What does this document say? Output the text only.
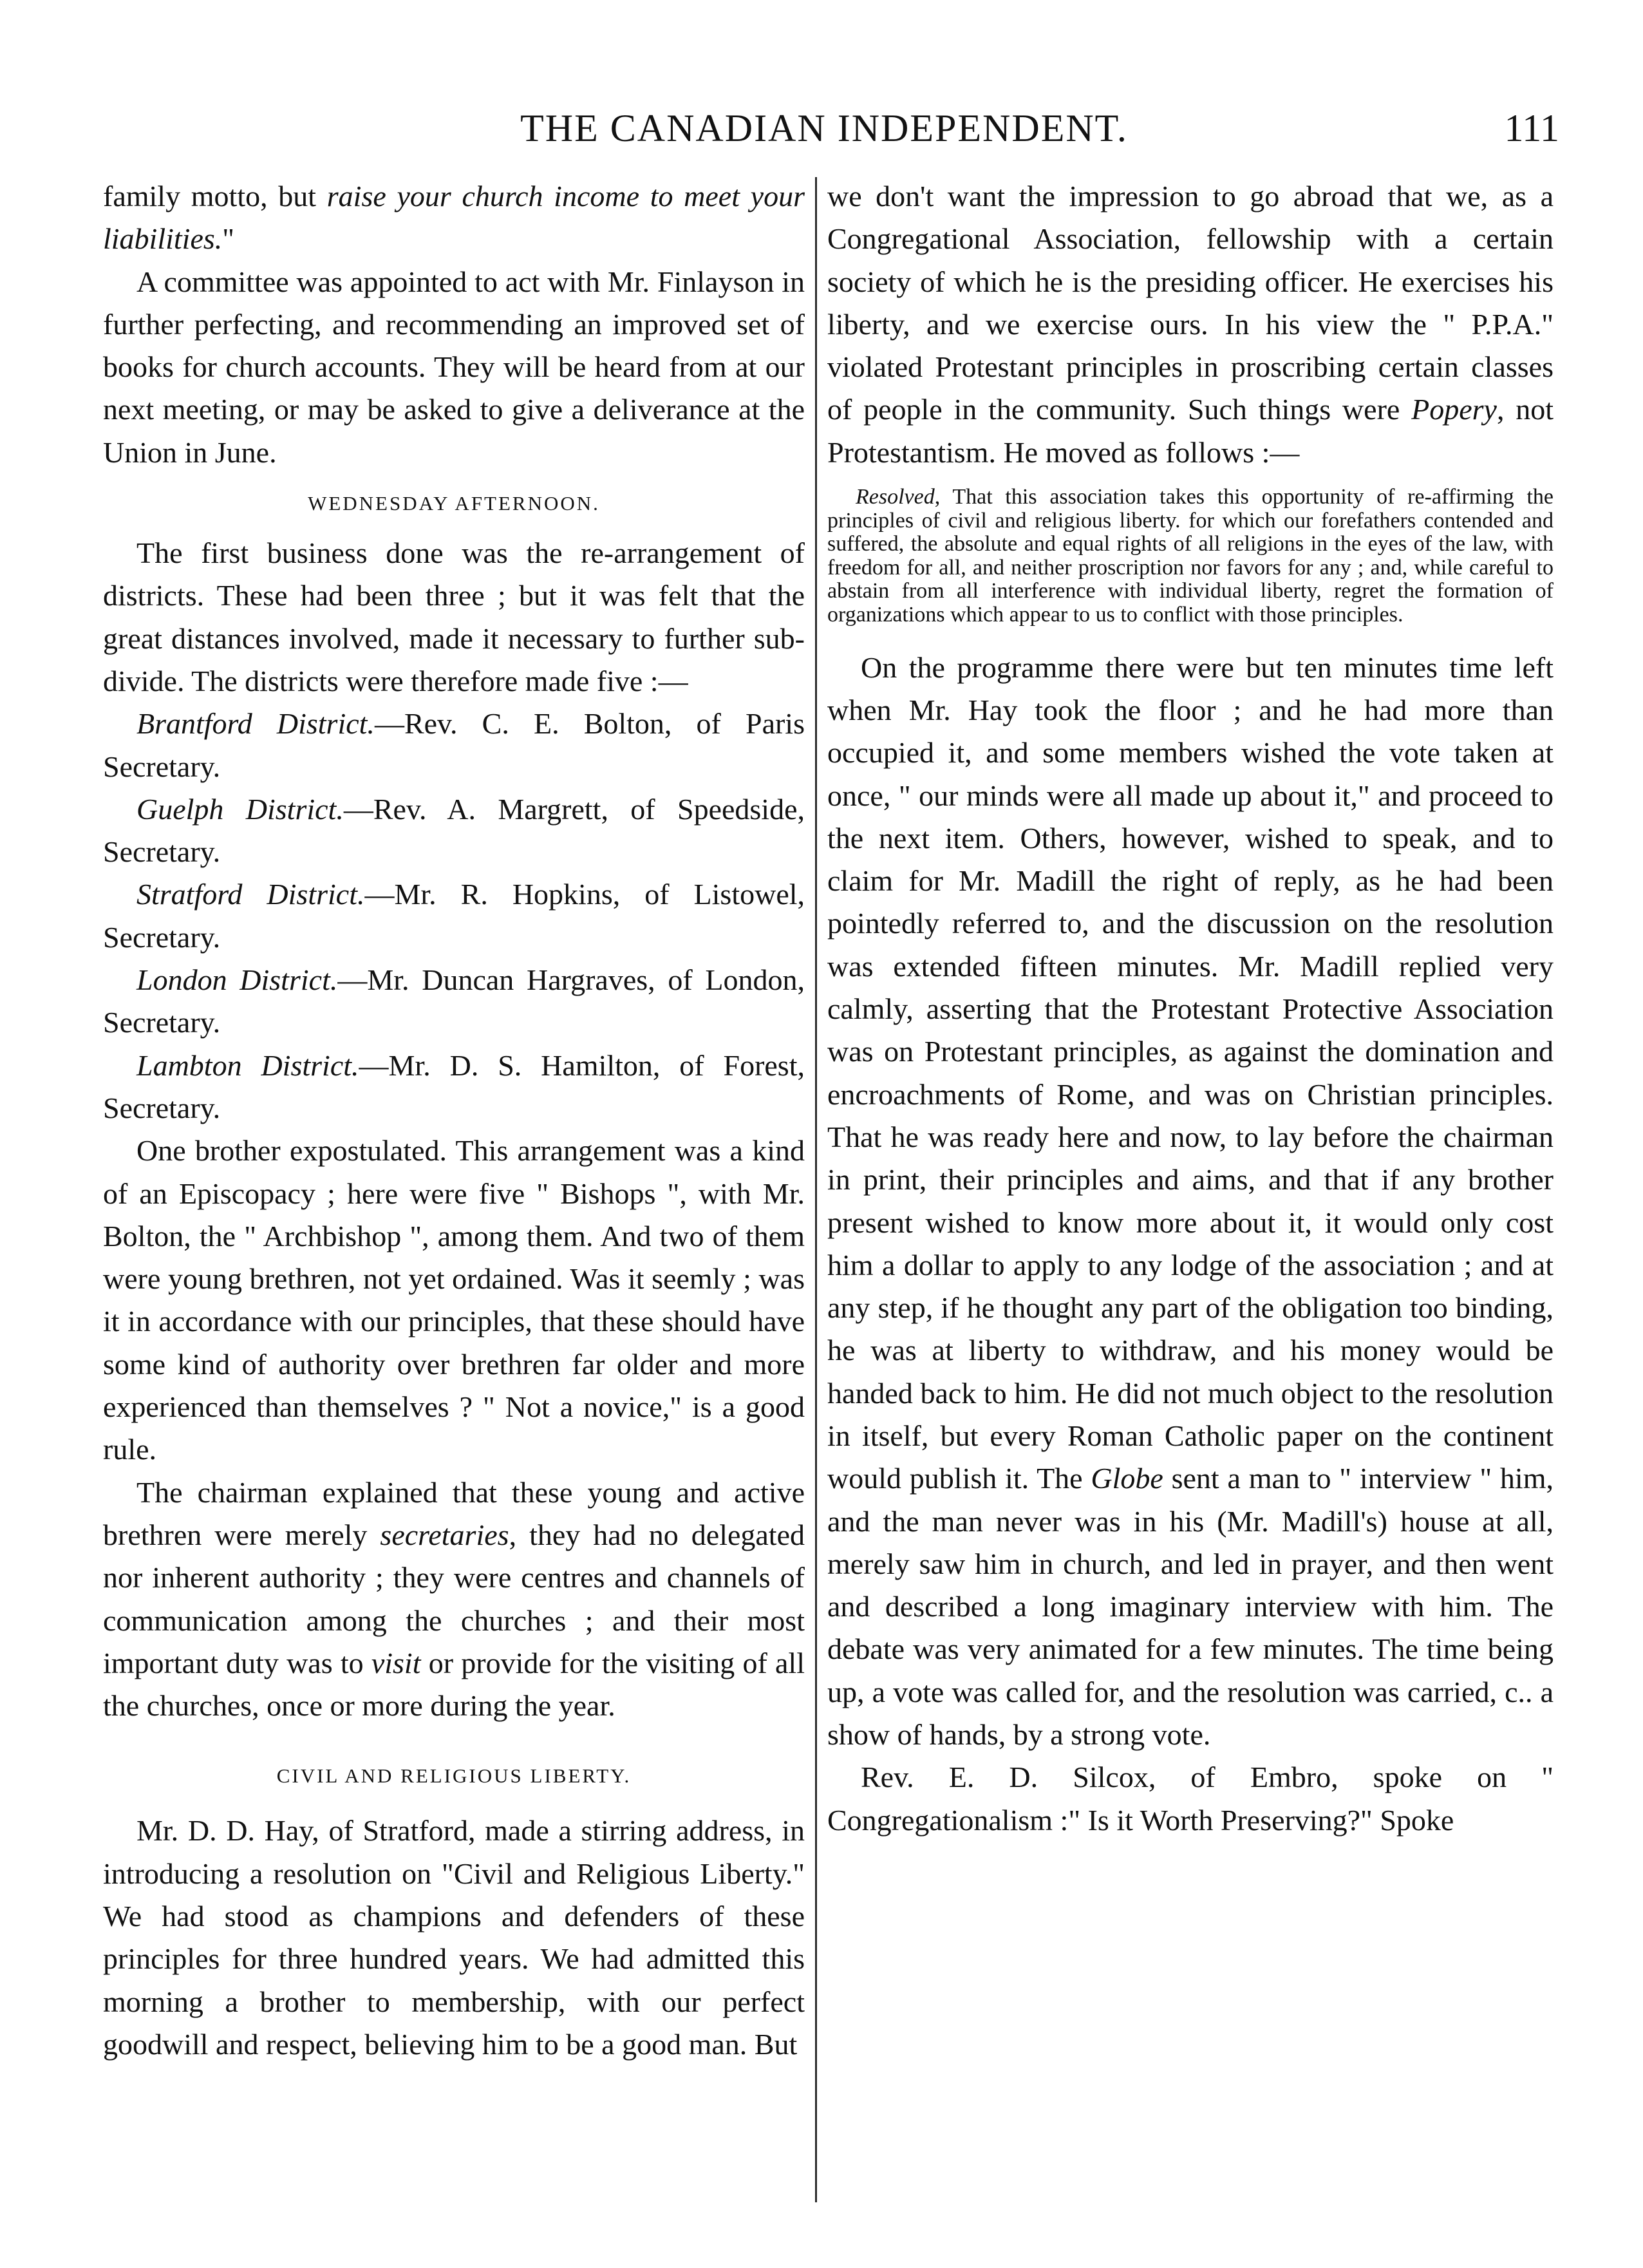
THE CANADIAN INDEPENDENT.	111

family motto, but raise your church income to meet your liabilities."

A committee was appointed to act with Mr. Finlayson in further perfecting, and recommending an improved set of books for church accounts. They will be heard from at our next meeting, or may be asked to give a deliverance at the Union in June.

WEDNESDAY AFTERNOON.

The first business done was the re-arrangement of districts. These had been three ; but it was felt that the great distances involved, made it necessary to further sub-divide. The districts were therefore made five :—

Brantford District.—Rev. C. E. Bolton, of Paris Secretary.

Guelph District.—Rev. A. Margrett, of Speedside, Secretary.

Stratford District.—Mr. R. Hopkins, of Listowel, Secretary.

London District.—Mr. Duncan Hargraves, of London, Secretary.

Lambton District.—Mr. D. S. Hamilton, of Forest, Secretary.

One brother expostulated. This arrangement was a kind of an Episcopacy ; here were five " Bishops ", with Mr. Bolton, the " Archbishop ", among them. And two of them were young brethren, not yet ordained. Was it seemly ; was it in accordance with our principles, that these should have some kind of authority over brethren far older and more experienced than themselves ? " Not a novice," is a good rule.

The chairman explained that these young and active brethren were merely secretaries, they had no delegated nor inherent authority ; they were centres and channels of communication among the churches ; and their most important duty was to visit or provide for the visiting of all the churches, once or more during the year.

CIVIL AND RELIGIOUS LIBERTY.

Mr. D. D. Hay, of Stratford, made a stirring address, in introducing a resolution on "Civil and Religious Liberty." We had stood as champions and defenders of these principles for three hundred years. We had admitted this morning a brother to membership, with our perfect goodwill and respect, believing him to be a good man. But

we don't want the impression to go abroad that we, as a Congregational Association, fellowship with a certain society of which he is the presiding officer. He exercises his liberty, and we exercise ours. In his view the " P.P.A." violated Protestant principles in proscribing certain classes of people in the community. Such things were Popery, not Protestantism. He moved as follows :—

Resolved, That this association takes this opportunity of re-affirming the principles of civil and religious liberty. for which our forefathers contended and suffered, the absolute and equal rights of all religions in the eyes of the law, with freedom for all, and neither proscription nor favors for any ; and, while careful to abstain from all interference with individual liberty, regret the formation of organizations which appear to us to conflict with those principles.

On the programme there were but ten minutes time left when Mr. Hay took the floor ; and he had more than occupied it, and some members wished the vote taken at once, " our minds were all made up about it," and proceed to the next item. Others, however, wished to speak, and to claim for Mr. Madill the right of reply, as he had been pointedly referred to, and the discussion on the resolution was extended fifteen minutes. Mr. Madill replied very calmly, asserting that the Protestant Protective Association was on Protestant principles, as against the domination and encroachments of Rome, and was on Christian principles. That he was ready here and now, to lay before the chairman in print, their principles and aims, and that if any brother present wished to know more about it, it would only cost him a dollar to apply to any lodge of the association ; and at any step, if he thought any part of the obligation too binding, he was at liberty to withdraw, and his money would be handed back to him. He did not much object to the resolution in itself, but every Roman Catholic paper on the continent would publish it. The Globe sent a man to " interview " him, and the man never was in his (Mr. Madill's) house at all, merely saw him in church, and led in prayer, and then went and described a long imaginary interview with him. The debate was very animated for a few minutes. The time being up, a vote was called for, and the resolution was carried, c.. a show of hands, by a strong vote.

Rev. E. D. Silcox, of Embro, spoke on " Congregationalism :" Is it Worth Preserving?" Spoke
